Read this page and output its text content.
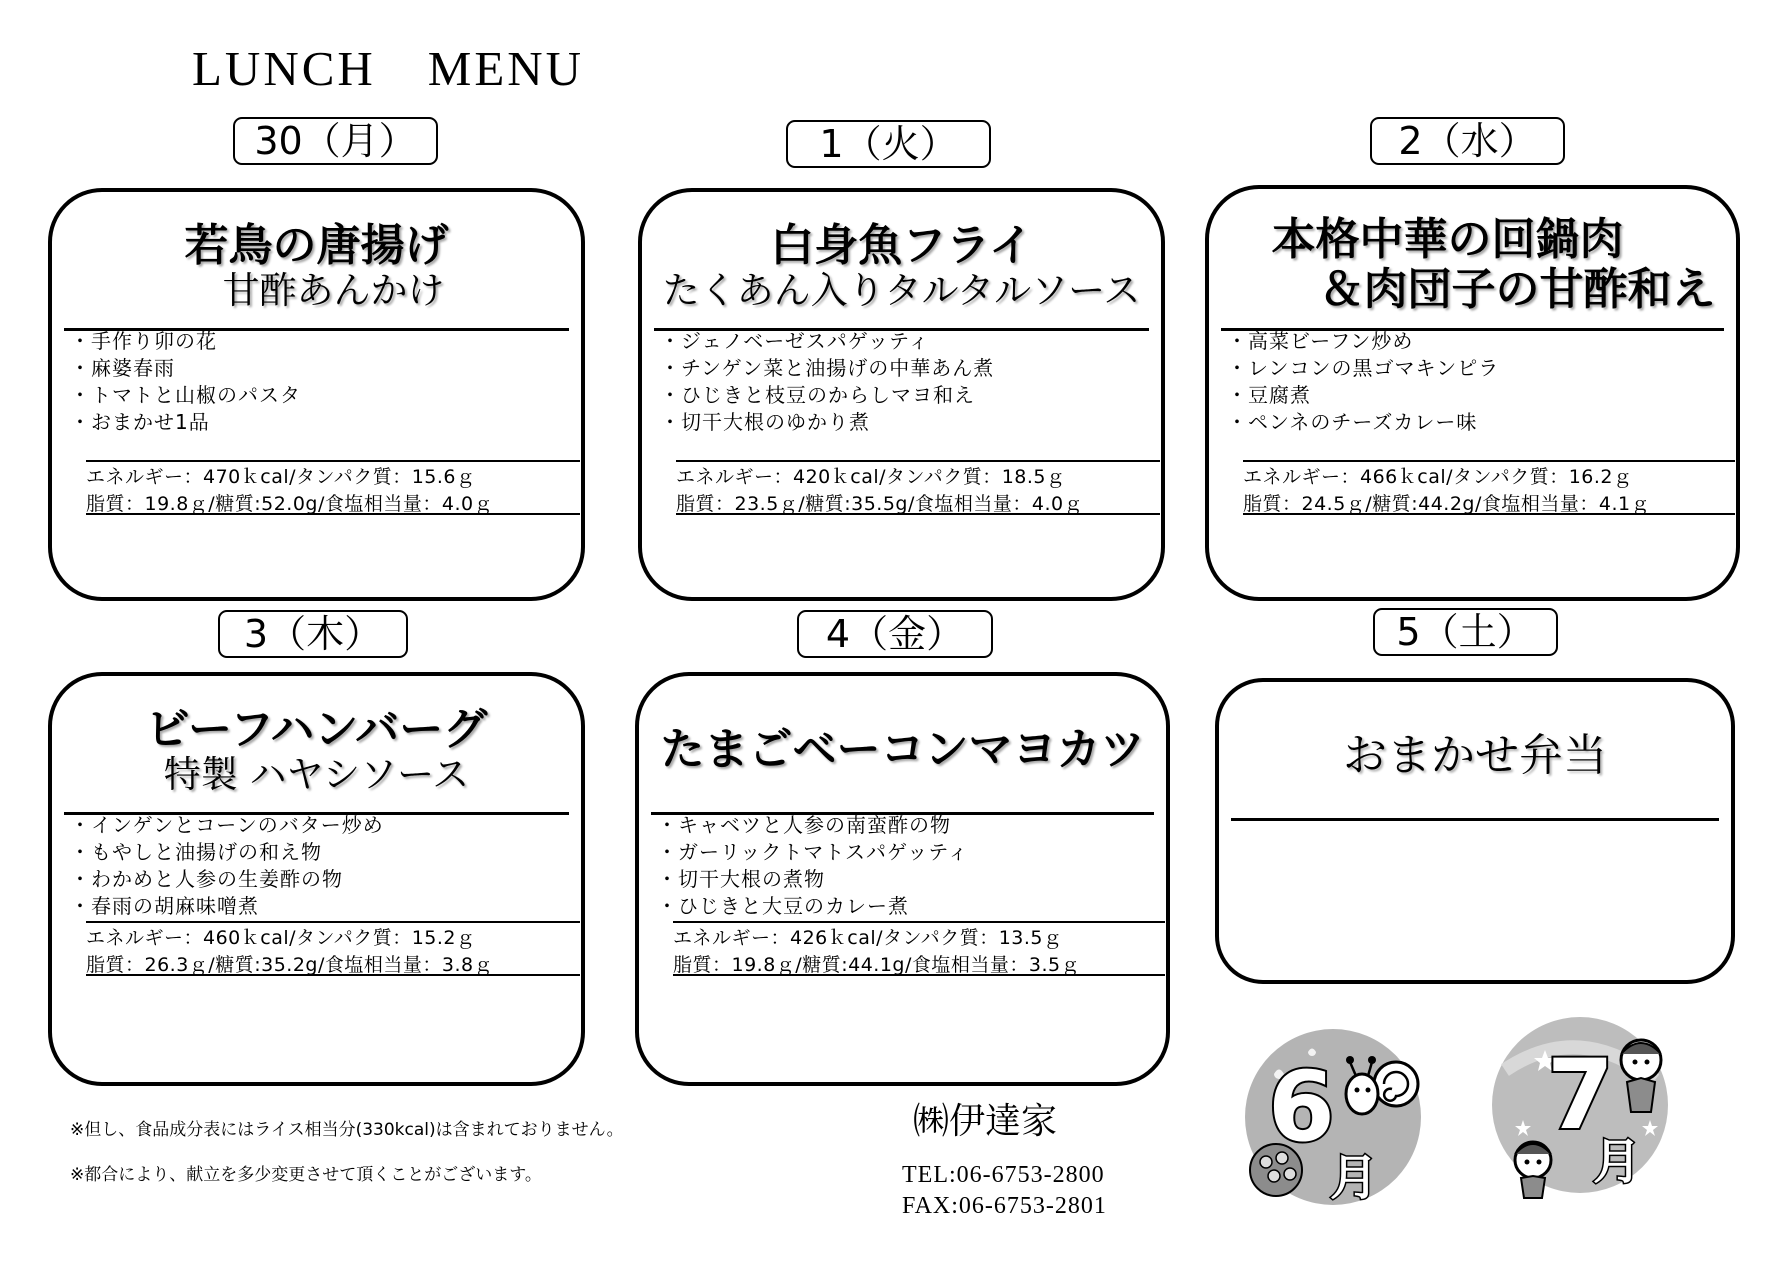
LUNCH　MENU
30（月）	1（火）	2（水）
3（木）	4（金）	5（土）
若鳥の唐揚げ
甘酢あんかけ
・手作り卯の花
・麻婆春雨
・トマトと山椒のパスタ
・おまかせ1品
エネルギー：470ｋcal/タンパク質：15.6ｇ
脂質：19.8ｇ/糖質:52.0g/食塩相当量：4.0ｇ
白身魚フライ
たくあん入りタルタルソース
・ジェノベーゼスパゲッティ
・チンゲン菜と油揚げの中華あん煮
・ひじきと枝豆のからしマヨ和え
・切干大根のゆかり煮
エネルギー：420ｋcal/タンパク質：18.5ｇ
脂質：23.5ｇ/糖質:35.5g/食塩相当量：4.0ｇ
本格中華の回鍋肉
＆肉団子の甘酢和え
・高菜ビーフン炒め
・レンコンの黒ゴマキンピラ
・豆腐煮
・ペンネのチーズカレー味
エネルギー：466ｋcal/タンパク質：16.2ｇ
脂質：24.5ｇ/糖質:44.2g/食塩相当量：4.1ｇ
ビーフハンバーグ
特製 ハヤシソース
・インゲンとコーンのバター炒め
・もやしと油揚げの和え物
・わかめと人参の生姜酢の物
・春雨の胡麻味噌煮
エネルギー：460ｋcal/タンパク質：15.2ｇ
脂質：26.3ｇ/糖質:35.2g/食塩相当量：3.8ｇ
たまごベーコンマヨカツ
・キャベツと人参の南蛮酢の物
・ガーリックトマトスパゲッティ
・切干大根の煮物
・ひじきと大豆のカレー煮
エネルギー：426ｋcal/タンパク質：13.5ｇ
脂質：19.8ｇ/糖質:44.1g/食塩相当量：3.5ｇ
おまかせ弁当
※但し、食品成分表にはライス相当分(330kcal)は含まれておりません。
※都合により、献立を多少変更させて頂くことがございます。
㈱伊達家
TEL:06-6753-2800
FAX:06-6753-2801
6
月
7
月
